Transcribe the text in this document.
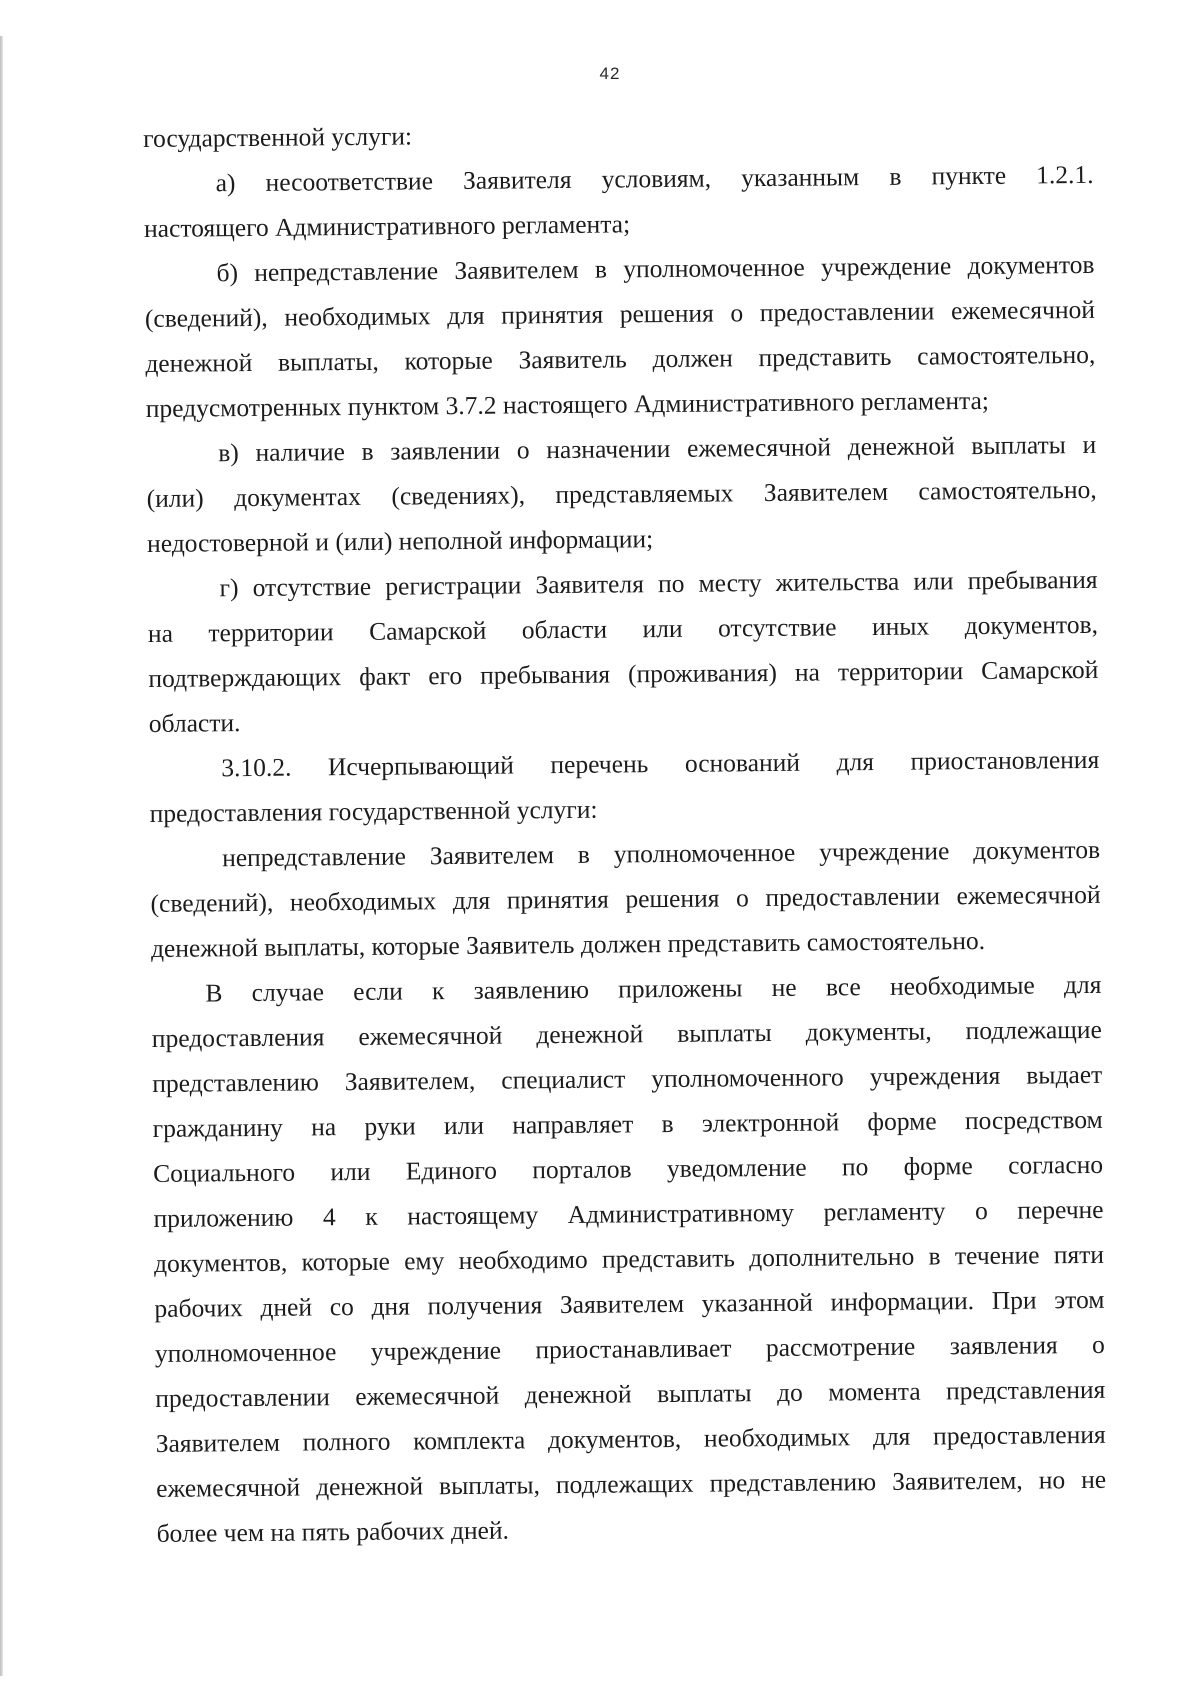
42
государственной услуги:
а) несоответствие Заявителя условиям, указанным в пункте 1.2.1.
настоящего Административного регламента;
б) непредставление Заявителем в уполномоченное учреждение документов
(сведений), необходимых для принятия решения о предоставлении ежемесячной
денежной выплаты, которые Заявитель должен представить самостоятельно,
предусмотренных пунктом 3.7.2 настоящего Административного регламента;
в) наличие в заявлении о назначении ежемесячной денежной выплаты и
(или) документах (сведениях), представляемых Заявителем самостоятельно,
недостоверной и (или) неполной информации;
г) отсутствие регистрации Заявителя по месту жительства или пребывания
на территории Самарской области или отсутствие иных документов,
подтверждающих факт его пребывания (проживания) на территории Самарской
области.
3.10.2. Исчерпывающий перечень оснований для приостановления
предоставления государственной услуги:
непредставление Заявителем в уполномоченное учреждение документов
(сведений), необходимых для принятия решения о предоставлении ежемесячной
денежной выплаты, которые Заявитель должен представить самостоятельно.
В случае если к заявлению приложены не все необходимые для
предоставления ежемесячной денежной выплаты документы, подлежащие
представлению Заявителем, специалист уполномоченного учреждения выдает
гражданину на руки или направляет в электронной форме посредством
Социального или Единого порталов уведомление по форме согласно
приложению 4 к настоящему Административному регламенту о перечне
документов, которые ему необходимо представить дополнительно в течение пяти
рабочих дней со дня получения Заявителем указанной информации. При этом
уполномоченное учреждение приостанавливает рассмотрение заявления о
предоставлении ежемесячной денежной выплаты до момента представления
Заявителем полного комплекта документов, необходимых для предоставления
ежемесячной денежной выплаты, подлежащих представлению Заявителем, но не
более чем на пять рабочих дней.
